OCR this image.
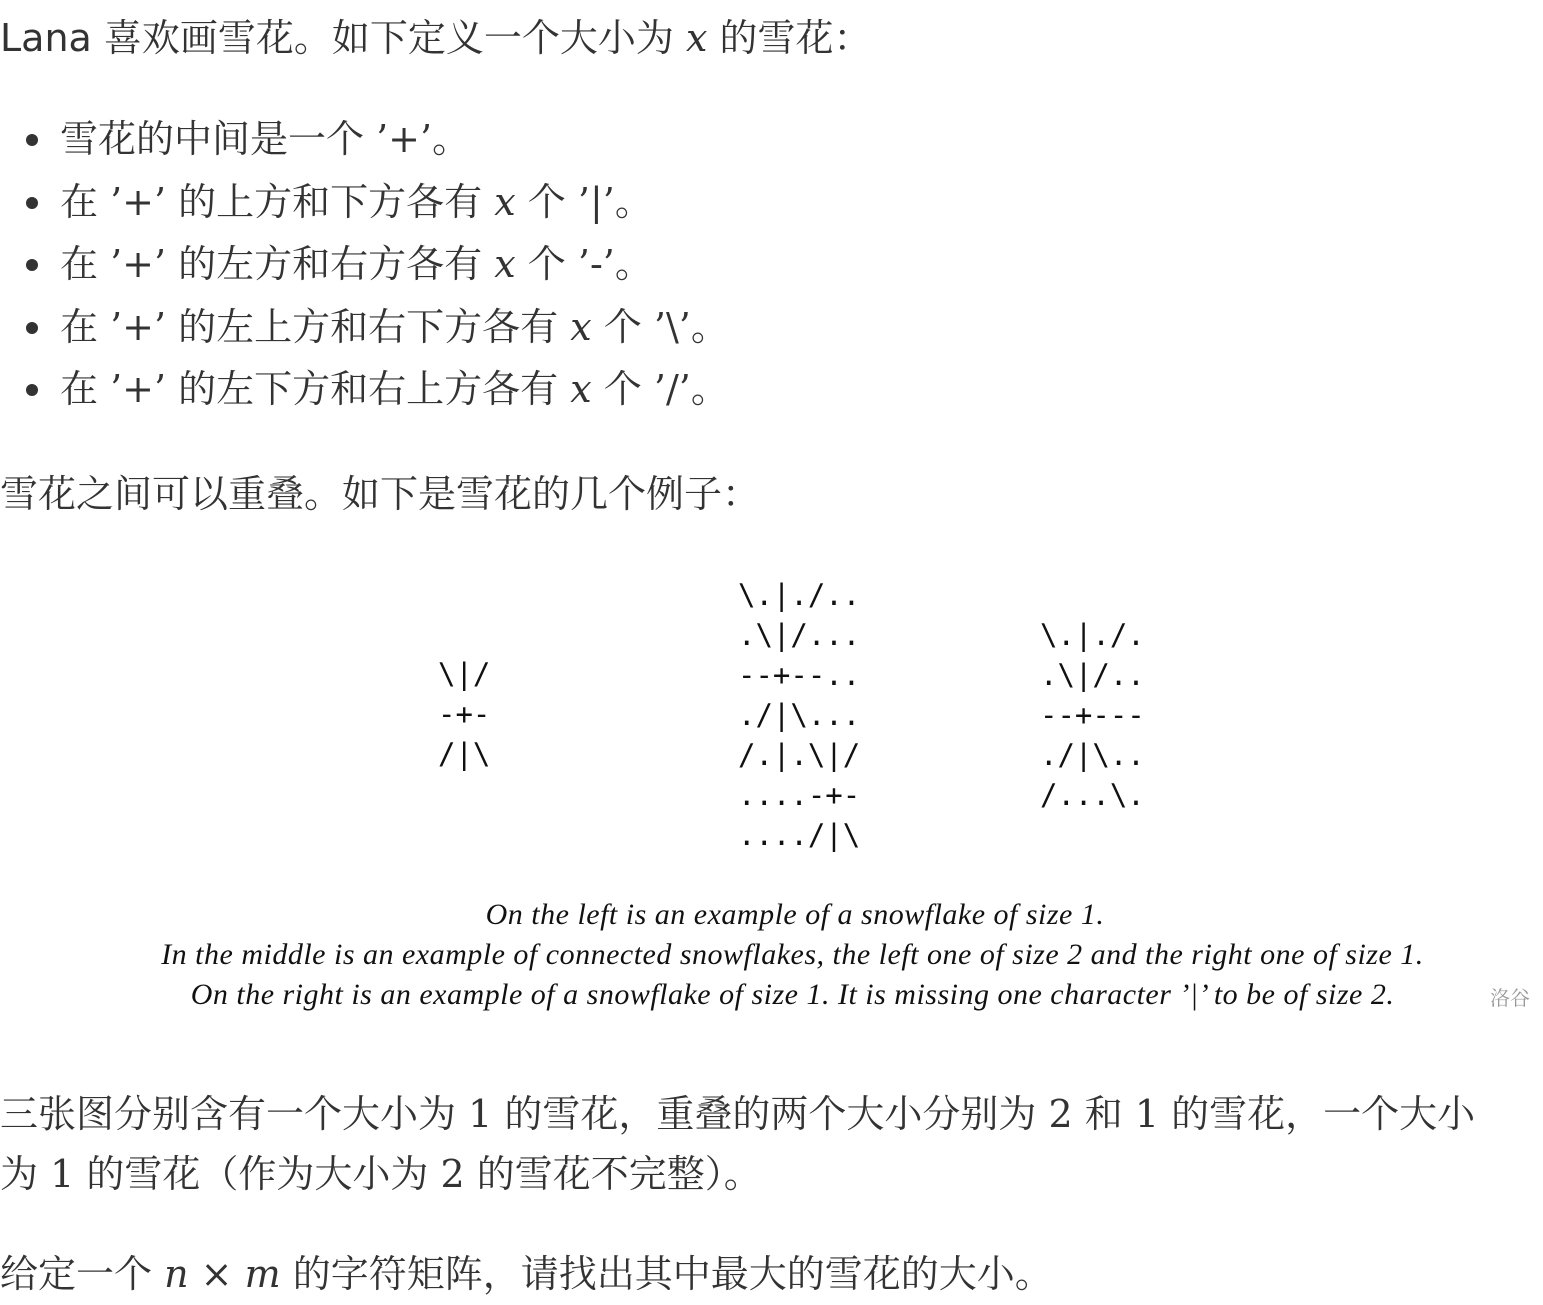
Lana 喜欢画雪花。如下定义一个大小为 x 的雪花：

雪花的中间是一个 ’+’。
在 ’+’ 的上方和下方各有 x 个 ’|’。
在 ’+’ 的左方和右方各有 x 个 ’-’。
在 ’+’ 的左上方和右下方各有 x 个 ’\’。
在 ’+’ 的左下方和右上方各有 x 个 ’/’。

雪花之间可以重叠。如下是雪花的几个例子：

\|/
-+-
/|\
\.|./..
.\|/...
--+--..
./|\...
/.|.\|/
....-+-
..../|\
\.|./.
.\|/..
--+---
./|\..
/...\.

On the left is an example of a snowflake of size 1.

In the middle is an example of connected snowflakes, the left one of size 2 and the right one of size 1.

On the right is an example of a snowflake of size 1. It is missing one character ’|’ to be of size 2.	洛谷

三张图分别含有一个大小为 1 的雪花，重叠的两个大小分别为 2 和 1 的雪花，一个大小

为 1 的雪花（作为大小为 2 的雪花不完整）。

给定一个 n × m 的字符矩阵，请找出其中最大的雪花的大小。
